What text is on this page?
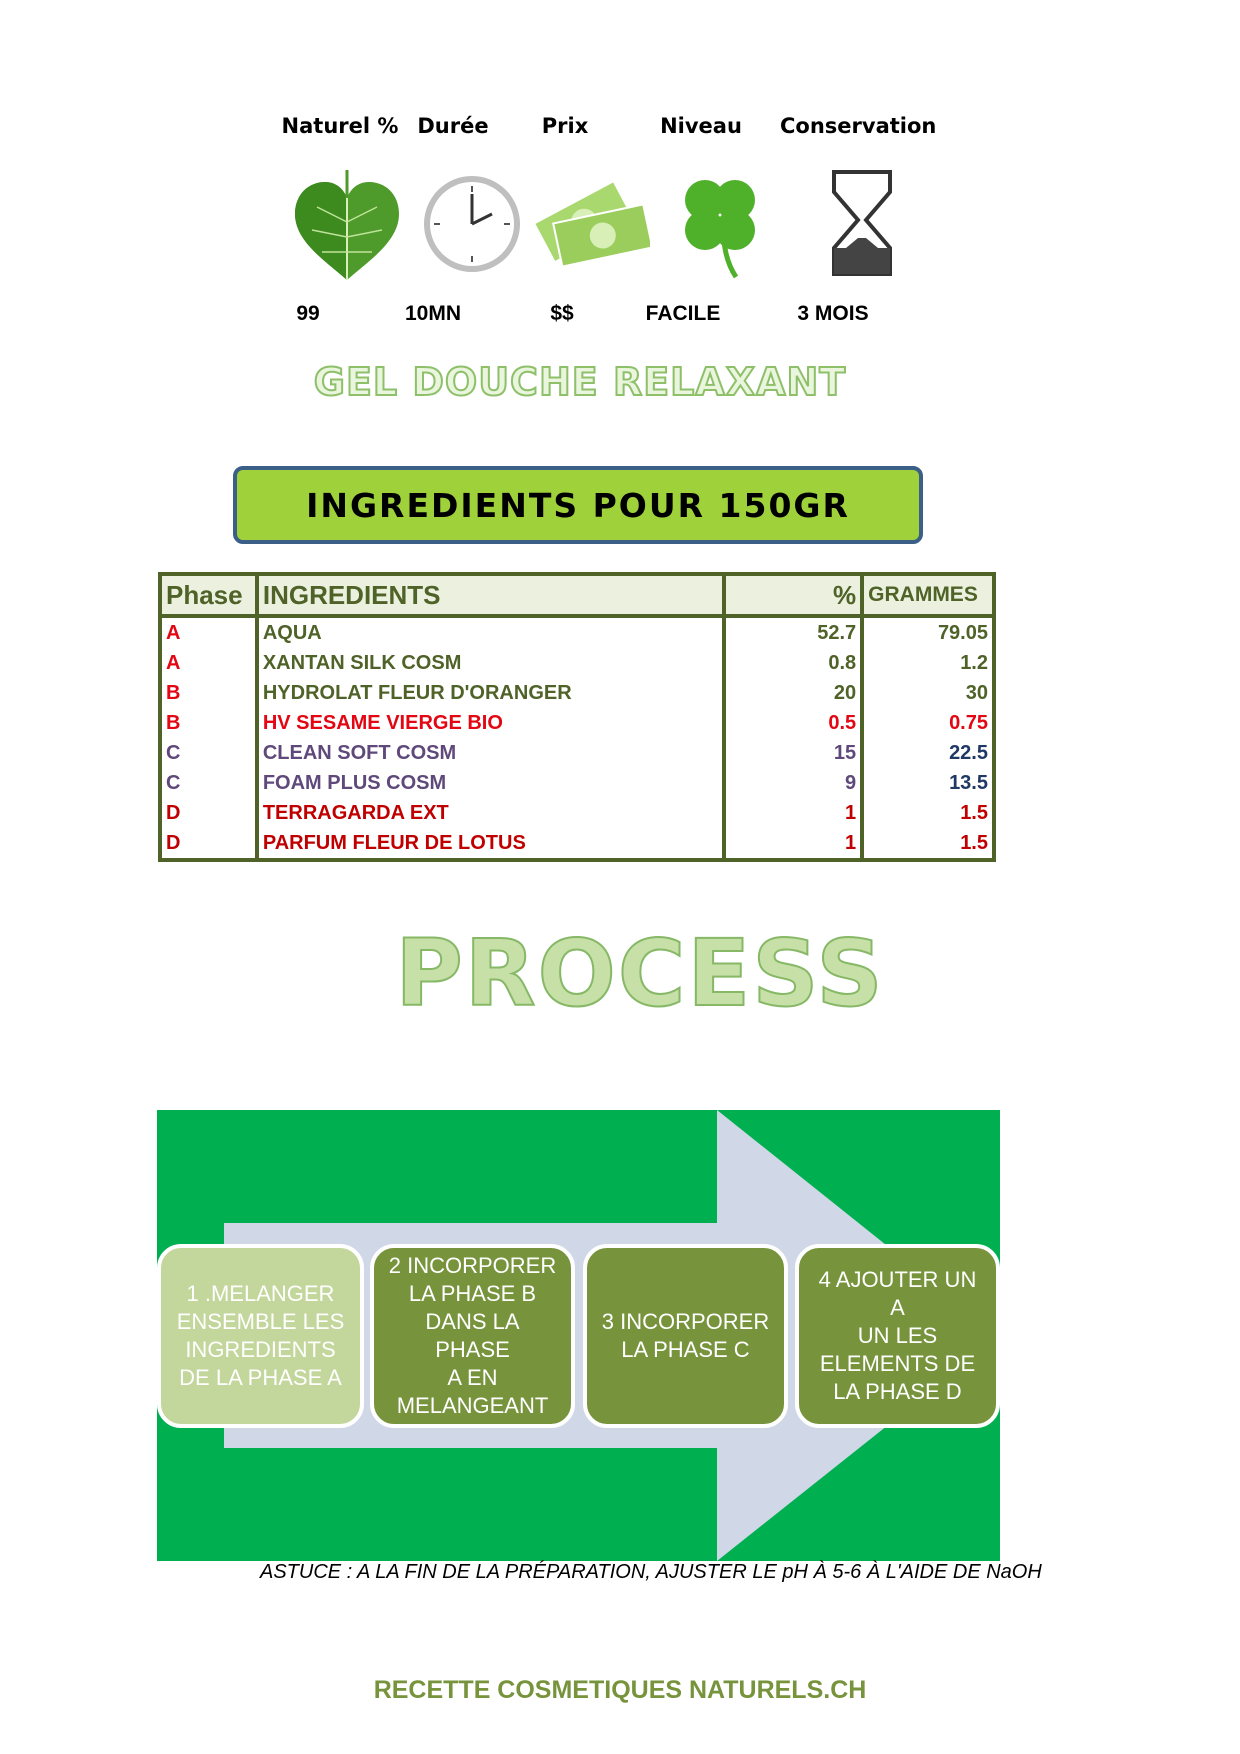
Naturel % Durée	Prix	Niveau	Conservation
99	10MN	$$	FACILE	3 MOIS
GEL DOUCHE RELAXANT
INGREDIENTS POUR 150GR
Phase	INGREDIENTS	%	GRAMMES
A	AQUA	52.7	79.05
A	XANTAN SILK COSM	0.8	1.2
B	HYDROLAT FLEUR D'ORANGER	20	30
B	HV SESAME VIERGE BIO	0.5	0.75
C	CLEAN SOFT COSM	15	22.5
C	FOAM PLUS COSM	9	13.5
D	TERRAGARDA EXT	1	1.5
D	PARFUM FLEUR DE LOTUS	1	1.5
PROCESS
1 .MELANGER
ENSEMBLE LES
INGREDIENTS
DE LA PHASE A
2 INCORPORER
LA PHASE B
DANS LA PHASE
A EN
MELANGEANT
3 INCORPORER
LA PHASE C
4 AJOUTER UN A
UN LES
ELEMENTS DE
LA PHASE D
ASTUCE : A LA FIN DE LA PRÉPARATION, AJUSTER LE pH À 5-6 À L'AIDE DE NaOH
RECETTE COSMETIQUES NATURELS.CH
